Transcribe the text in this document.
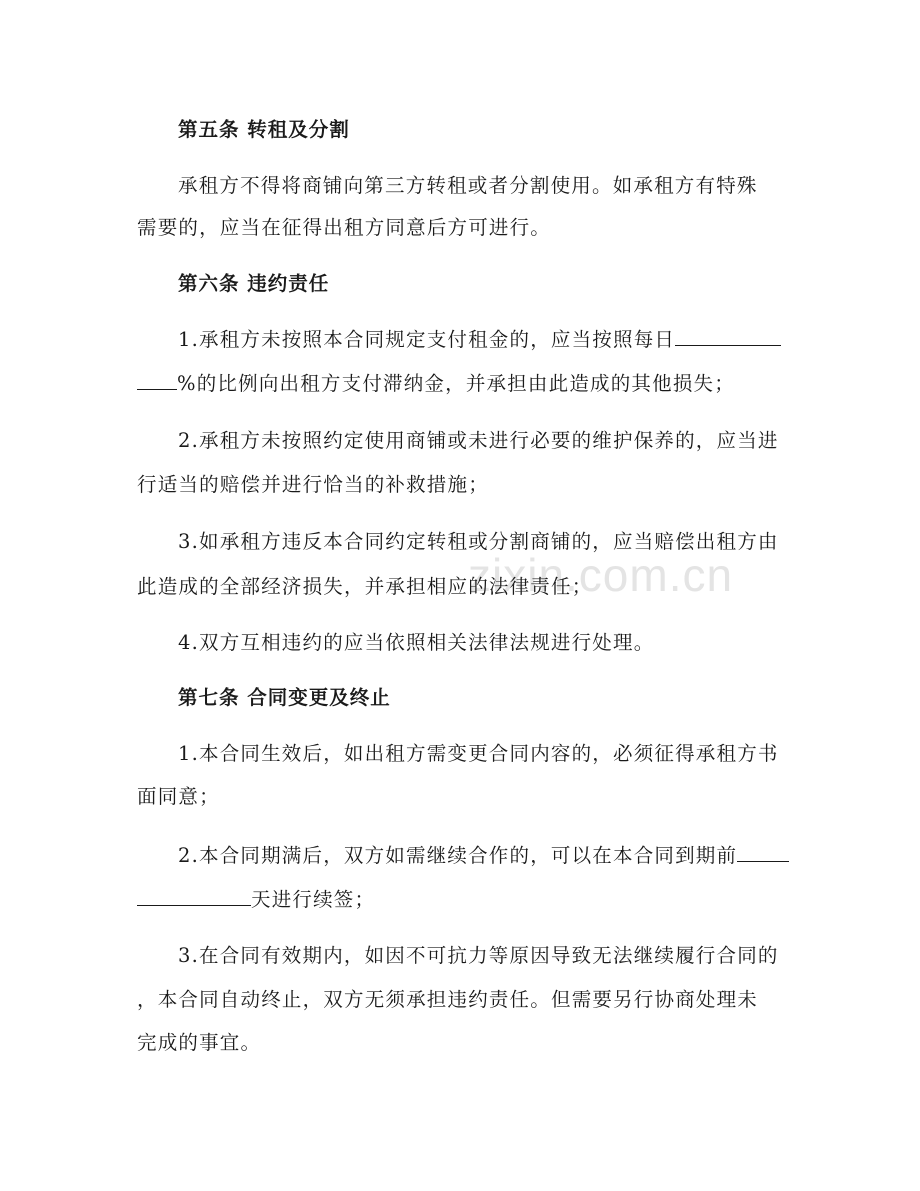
zixin.com.cn
第五条 转租及分割
承租方不得将商铺向第三方转租或者分割使用。如承租方有特殊
需要的，应当在征得出租方同意后方可进行。
第六条 违约责任
1.承租方未按照本合同规定支付租金的，应当按照每日
%的比例向出租方支付滞纳金，并承担由此造成的其他损失；
2.承租方未按照约定使用商铺或未进行必要的维护保养的，应当进
行适当的赔偿并进行恰当的补救措施；
3.如承租方违反本合同约定转租或分割商铺的，应当赔偿出租方由
此造成的全部经济损失，并承担相应的法律责任；
4.双方互相违约的应当依照相关法律法规进行处理。
第七条 合同变更及终止
1.本合同生效后，如出租方需变更合同内容的，必须征得承租方书
面同意；
2.本合同期满后，双方如需继续合作的，可以在本合同到期前
天进行续签；
3.在合同有效期内，如因不可抗力等原因导致无法继续履行合同的
，本合同自动终止，双方无须承担违约责任。但需要另行协商处理未
完成的事宜。
